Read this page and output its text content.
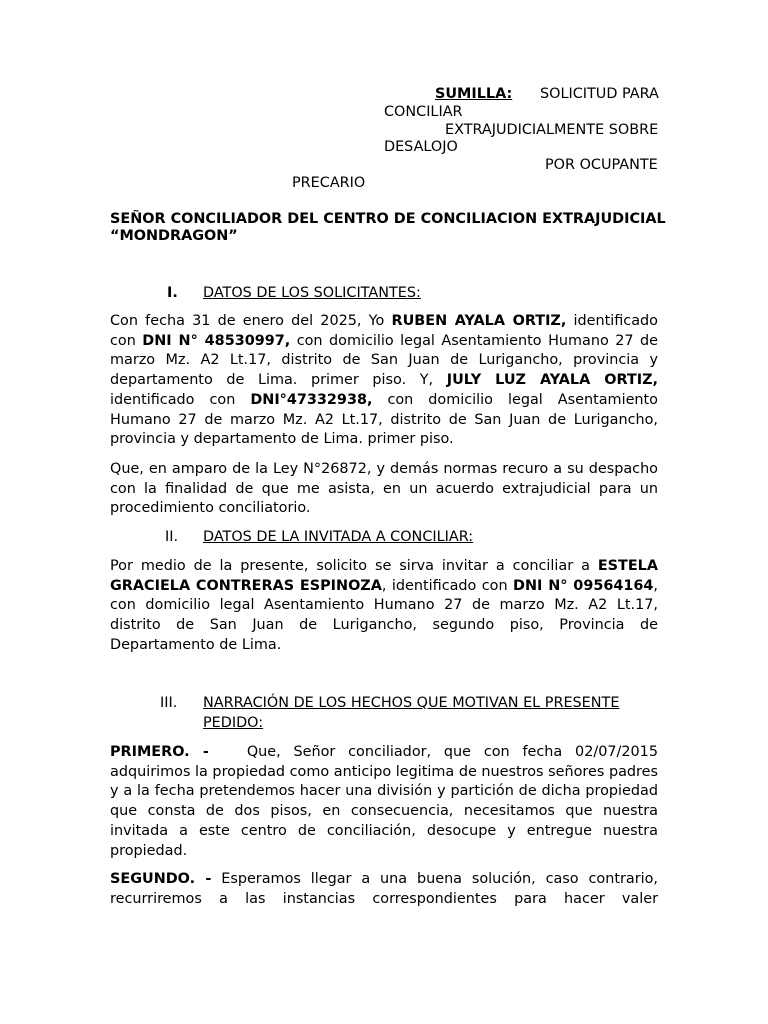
SUMILLA: SOLICITUD PARA
CONCILIAR
EXTRAJUDICIALMENTE SOBRE
DESALOJO
POR OCUPANTE
PRECARIO
SEÑOR CONCILIADOR DEL CENTRO DE CONCILIACION EXTRAJUDICIAL
“MONDRAGON”
I. DATOS DE LOS SOLICITANTES:
Con fecha 31 de enero del 2025, Yo RUBEN AYALA ORTIZ, identificado con DNI N° 48530997, con domicilio legal Asentamiento Humano 27 de marzo Mz. A2 Lt.17, distrito de San Juan de Lurigancho, provincia y departamento de Lima. primer piso. Y, JULY LUZ AYALA ORTIZ, identificado con DNI°47332938, con domicilio legal Asentamiento Humano 27 de marzo Mz. A2 Lt.17, distrito de San Juan de Lurigancho, provincia y departamento de Lima. primer piso.
Que, en amparo de la Ley N°26872, y demás normas recuro a su despacho con la finalidad de que me asista, en un acuerdo extrajudicial para un procedimiento conciliatorio.
II. DATOS DE LA INVITADA A CONCILIAR:
Por medio de la presente, solicito se sirva invitar a conciliar a ESTELA GRACIELA CONTRERAS ESPINOZA, identificado con DNI N° 09564164, con domicilio legal Asentamiento Humano 27 de marzo Mz. A2 Lt.17, distrito de San Juan de Lurigancho, segundo piso, Provincia de Departamento de Lima.
III. NARRACIÓN DE LOS HECHOS QUE MOTIVAN EL PRESENTE
PEDIDO:
PRIMERO. -	Que, Señor conciliador, que con fecha 02/07/2015 adquirimos la propiedad como anticipo legitima de nuestros señores padres y a la fecha pretendemos hacer una división y partición de dicha propiedad que consta de dos pisos, en consecuencia, necesitamos que nuestra invitada a este centro de conciliación, desocupe y entregue nuestra propiedad.
SEGUNDO. - Esperamos llegar a una buena solución, caso contrario, recurriremos a las instancias correspondientes para hacer valer
